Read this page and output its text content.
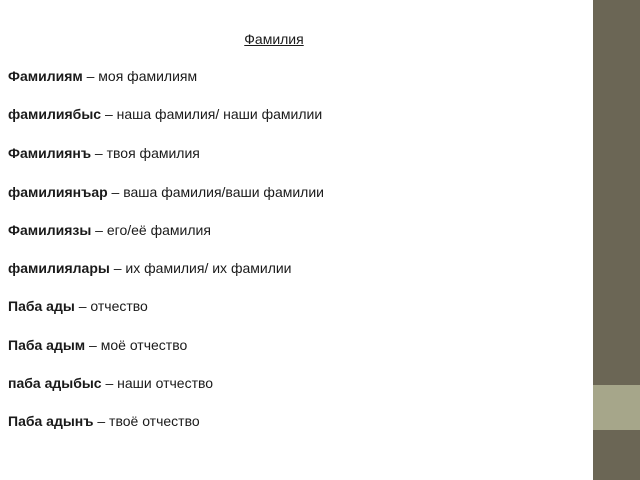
Фамилия
Фамилиям – моя фамилиям
фамилиябыс – наша фамилия/ наши фамилии
Фамилиянъ – твоя фамилия
фамилиянъар – ваша фамилия/ваши фамилии
Фамилиязы – его/её фамилия
фамилиялары – их фамилия/ их фамилии
Паба ады – отчество
Паба адым – моё отчество
паба адыбыс – наши отчество
Паба адынъ – твоё отчество
